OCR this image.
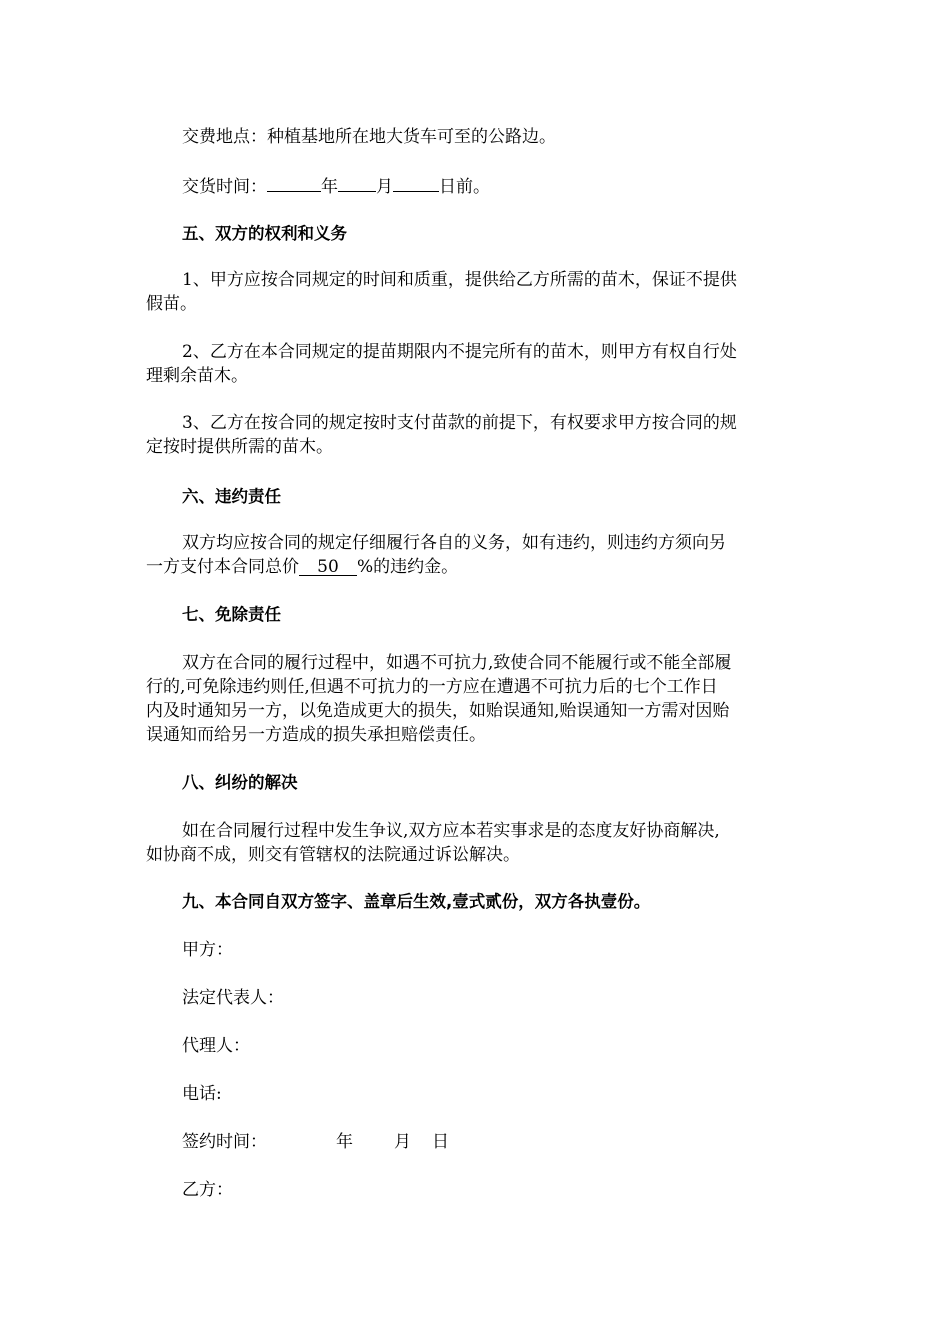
交费地点：种植基地所在地大货车可至的公路边。
交货时间：	年 月	日前。
五、双方的权利和义务
1、甲方应按合同规定的时间和质重，提供给乙方所需的苗木，保证不提供
假苗。
2、乙方在本合同规定的提苗期限内不提完所有的苗木，则甲方有权自行处
理剩余苗木。
3、乙方在按合同的规定按时支付苗款的前提下，有权要求甲方按合同的规
定按时提供所需的苗木。
六、违约责任
双方均应按合同的规定仔细履行各自的义务，如有违约，则违约方须向另
一方支付本合同总价 50 %的违约金。
七、免除责任
双方在合同的履行过程中，如遇不可抗力,致使合同不能履行或不能全部履
行的,可免除违约则任,但遇不可抗力的一方应在遭遇不可抗力后的七个工作日
内及时通知另一方，以免造成更大的损失，如贻误通知,贻误通知一方需对因贻
误通知而给另一方造成的损失承担赔偿责任。
八、纠纷的解决
如在合同履行过程中发生争议,双方应本若实事求是的态度友好协商解决,
如协商不成，则交有管辖权的法院通过诉讼解决。
九、本合同自双方签字、盖章后生效,壹式贰份，双方各执壹份。
甲方：
法定代表人：
代理人：
电话:
签约时间：	年 月 日
乙方：
